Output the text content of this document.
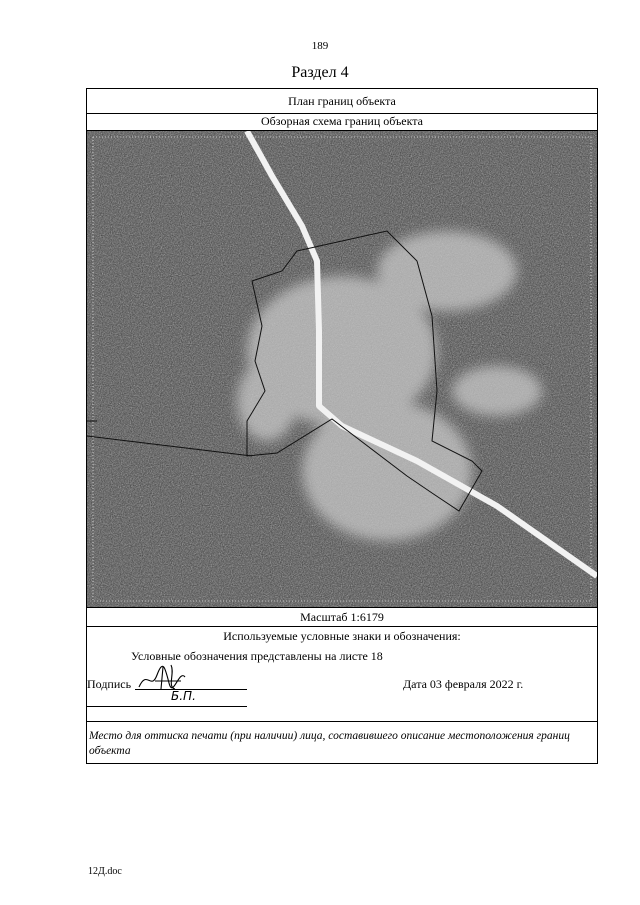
189
Раздел 4
План границ объекта
Обзорная схема границ объекта
Масштаб 1:6179
Используемые условные знаки и обозначения:
Условные обозначения представлены на листе 18
Подпись
Б.П.
Дата 03 февраля 2022 г.
Место для оттиска печати (при наличии) лица, составившего описание местоположения границ объекта
12Д.doc
